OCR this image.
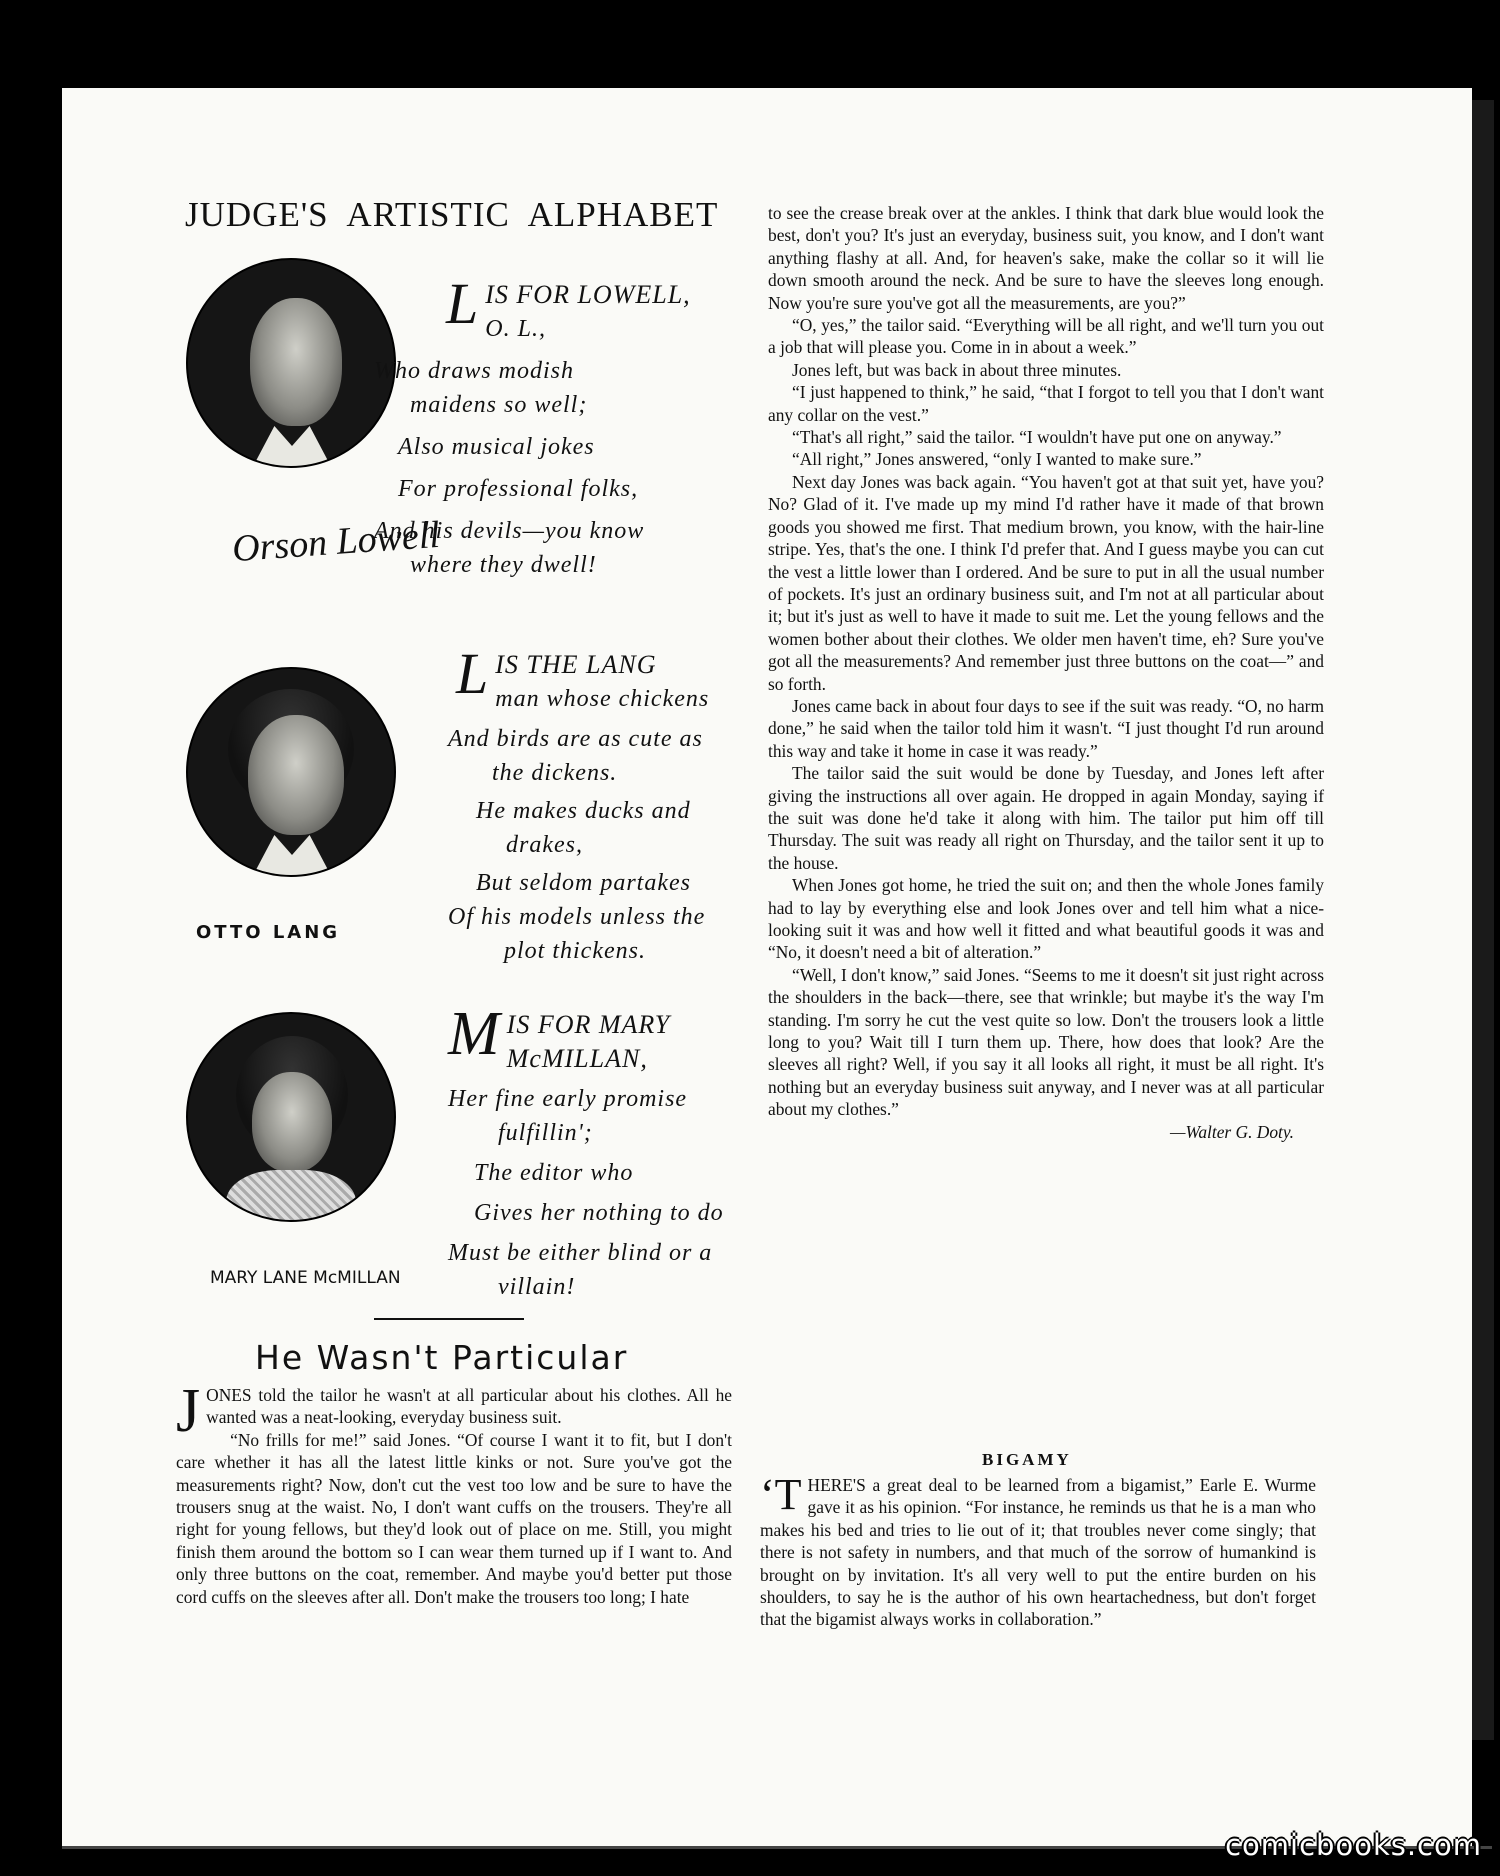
JUDGE'S ARTISTIC ALPHABET
Orson Lowell
L IS FOR LOWELL,
O. L.,
Who draws modish
maidens so well;
Also musical jokes
For professional folks,
And his devils—you know
where they dwell!
OTTO LANG
L IS THE LANG
man whose chickens
And birds are as cute as
the dickens.
He makes ducks and
drakes,
But seldom partakes
Of his models unless the
plot thickens.
MARY LANE McMILLAN
M IS FOR MARY
McMILLAN,
Her fine early promise
fulfillin';
The editor who
Gives her nothing to do
Must be either blind or a
villain!
He Wasn't Particular

JONES told the tailor he wasn't at all particular about his clothes. All he wanted was a neat-looking, everyday business suit.

“No frills for me!” said Jones. “Of course I want it to fit, but I don't care whether it has all the latest little kinks or not. Sure you've got the measurements right? Now, don't cut the vest too low and be sure to have the trousers snug at the waist. No, I don't want cuffs on the trousers. They're all right for young fellows, but they'd look out of place on me. Still, you might finish them around the bottom so I can wear them turned up if I want to. And only three buttons on the coat, remember. And maybe you'd better put those cord cuffs on the sleeves after all. Don't make the trousers too long; I hate

to see the crease break over at the ankles. I think that dark blue would look the best, don't you? It's just an everyday, business suit, you know, and I don't want anything flashy at all. And, for heaven's sake, make the collar so it will lie down smooth around the neck. And be sure to have the sleeves long enough. Now you're sure you've got all the measurements, are you?”

“O, yes,” the tailor said. “Everything will be all right, and we'll turn you out a job that will please you. Come in in about a week.”

Jones left, but was back in about three minutes.

“I just happened to think,” he said, “that I forgot to tell you that I don't want any collar on the vest.”

“That's all right,” said the tailor. “I wouldn't have put one on anyway.”

“All right,” Jones answered, “only I wanted to make sure.”

Next day Jones was back again. “You haven't got at that suit yet, have you? No? Glad of it. I've made up my mind I'd rather have it made of that brown goods you showed me first. That medium brown, you know, with the hair-line stripe. Yes, that's the one. I think I'd prefer that. And I guess maybe you can cut the vest a little lower than I ordered. And be sure to put in all the usual number of pockets. It's just an ordinary business suit, and I'm not at all particular about it; but it's just as well to have it made to suit me. Let the young fellows and the women bother about their clothes. We older men haven't time, eh? Sure you've got all the measurements? And remember just three buttons on the coat—” and so forth.

Jones came back in about four days to see if the suit was ready. “O, no harm done,” he said when the tailor told him it wasn't. “I just thought I'd run around this way and take it home in case it was ready.”

The tailor said the suit would be done by Tuesday, and Jones left after giving the instructions all over again. He dropped in again Monday, saying if the suit was done he'd take it along with him. The tailor put him off till Thursday. The suit was ready all right on Thursday, and the tailor sent it up to the house.

When Jones got home, he tried the suit on; and then the whole Jones family had to lay by everything else and look Jones over and tell him what a nice-looking suit it was and how well it fitted and what beautiful goods it was and “No, it doesn't need a bit of alteration.”

“Well, I don't know,” said Jones. “Seems to me it doesn't sit just right across the shoulders in the back—there, see that wrinkle; but maybe it's the way I'm standing. I'm sorry he cut the vest quite so low. Don't the trousers look a little long to you? Wait till I turn them up. There, how does that look? Are the sleeves all right? Well, if you say it all looks all right, it must be all right. It's nothing but an everyday business suit anyway, and I never was at all particular about my clothes.”

—Walter G. Doty.
BIGAMY

‘THERE'S a great deal to be learned from a bigamist,” Earle E. Wurme gave it as his opinion. “For instance, he reminds us that he is a man who makes his bed and tries to lie out of it; that troubles never come singly; that there is not safety in numbers, and that much of the sorrow of humankind is brought on by invitation. It's all very well to put the entire burden on his shoulders, to say he is the author of his own heartachedness, but don't forget that the bigamist always works in collaboration.”

comicbooks.com
